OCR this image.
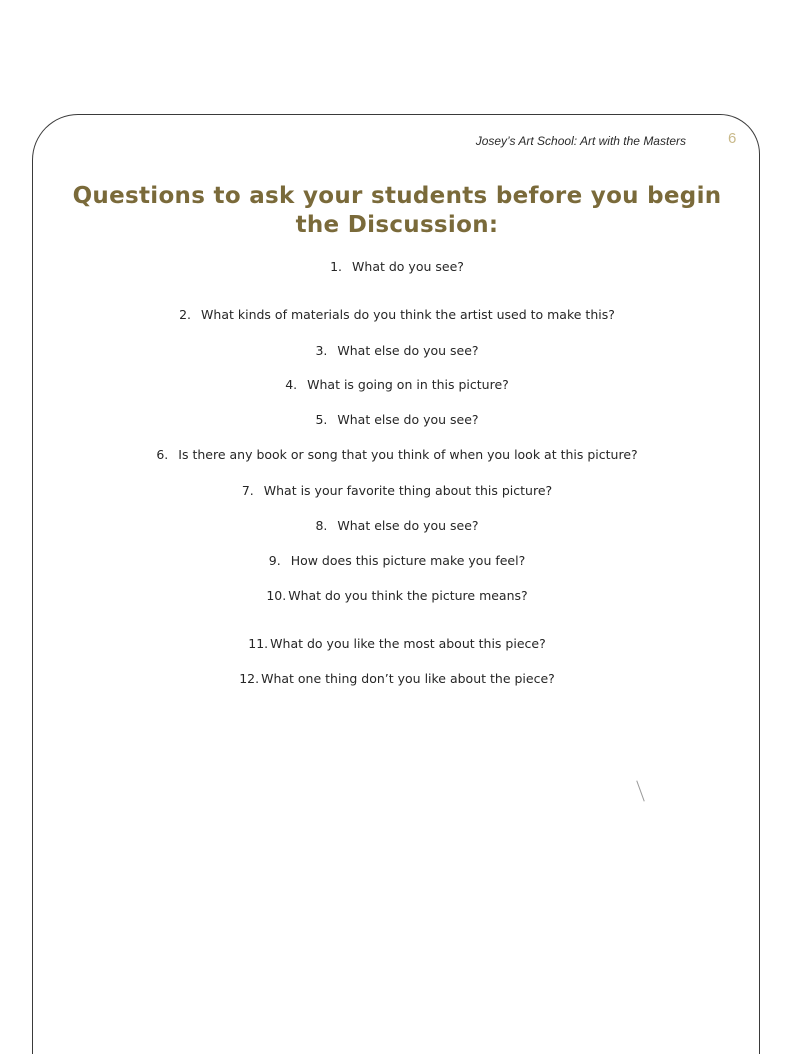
Josey’s Art School: Art with the Masters	6
Questions to ask your students before you begin
the Discussion:
1. What do you see?
2. What kinds of materials do you think the artist used to make this?
3. What else do you see?
4. What is going on in this picture?
5. What else do you see?
6. Is there any book or song that you think of when you look at this picture?
7. What is your favorite thing about this picture?
8. What else do you see?
9. How does this picture make you feel?
10. What do you think the picture means?
11. What do you like the most about this piece?
12. What one thing don’t you like about the piece?
